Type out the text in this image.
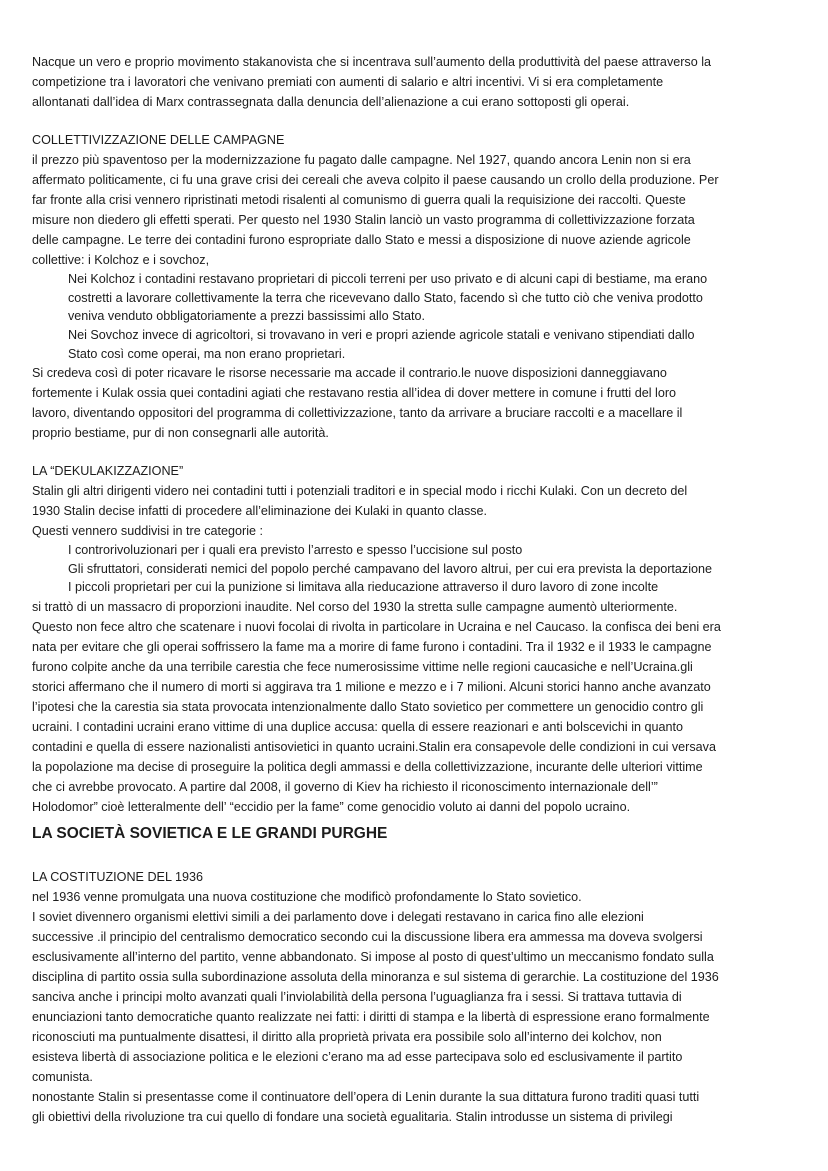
Nacque un vero e proprio movimento stakanovista che si incentrava sull’aumento della produttività del paese attraverso la
competizione tra i lavoratori che venivano premiati con aumenti di salario e altri incentivi. Vi si era completamente
allontanati dall’idea di Marx contrassegnata dalla denuncia dell’alienazione a cui erano sottoposti gli operai.
COLLETTIVIZZAZIONE DELLE CAMPAGNE
il prezzo più spaventoso per la modernizzazione fu pagato dalle campagne. Nel 1927, quando ancora Lenin non si era
affermato politicamente, ci fu una grave crisi dei cereali che aveva colpito il paese causando un crollo della produzione. Per
far fronte alla crisi vennero ripristinati metodi risalenti al comunismo di guerra quali la requisizione dei raccolti. Queste
misure non diedero gli effetti sperati. Per questo nel 1930 Stalin lanciò un vasto programma di collettivizzazione forzata
delle campagne. Le terre dei contadini furono espropriate dallo Stato e messi a disposizione di nuove aziende agricole
collettive: i Kolchoz e i sovchoz,
Nei Kolchoz i contadini restavano proprietari di piccoli terreni per uso privato e di alcuni capi di bestiame, ma erano
costretti a lavorare collettivamente la terra che ricevevano dallo Stato, facendo sì che tutto ciò che veniva prodotto
veniva venduto obbligatoriamente a prezzi bassissimi allo Stato.
Nei Sovchoz invece di agricoltori, si trovavano in veri e propri aziende agricole statali e venivano stipendiati dallo
Stato così come operai, ma non erano proprietari.
Si credeva così di poter ricavare le risorse necessarie ma accade il contrario.le nuove disposizioni danneggiavano
fortemente i Kulak ossia quei contadini agiati che restavano restia all’idea di dover mettere in comune i frutti del loro
lavoro, diventando oppositori del programma di collettivizzazione, tanto da arrivare a bruciare raccolti e a macellare il
proprio bestiame, pur di non consegnarli alle autorità.
LA “DEKULAKIZZAZIONE”
Stalin gli altri dirigenti videro nei contadini tutti i potenziali traditori e in special modo i ricchi Kulaki. Con un decreto del
1930 Stalin decise infatti di procedere all’eliminazione dei Kulaki in quanto classe.
Questi vennero suddivisi in tre categorie :
I controrivoluzionari per i quali era previsto l’arresto e spesso l’uccisione sul posto
Gli sfruttatori, considerati nemici del popolo perché campavano del lavoro altrui, per cui era prevista la deportazione
I piccoli proprietari per cui la punizione si limitava alla rieducazione attraverso il duro lavoro di zone incolte
si trattò di un massacro di proporzioni inaudite. Nel corso del 1930 la stretta sulle campagne aumentò ulteriormente.
Questo non fece altro che scatenare i nuovi focolai di rivolta in particolare in Ucraina e nel Caucaso. la confisca dei beni era
nata per evitare che gli operai soffrissero la fame ma a morire di fame furono i contadini. Tra il 1932 e il 1933 le campagne
furono colpite anche da una terribile carestia che fece numerosissime vittime nelle regioni caucasiche e nell’Ucraina.gli
storici affermano che il numero di morti si aggirava tra 1 milione e mezzo e i 7 milioni. Alcuni storici hanno anche avanzato
l’ipotesi che la carestia sia stata provocata intenzionalmente dallo Stato sovietico per commettere un genocidio contro gli
ucraini. I contadini ucraini erano vittime di una duplice accusa: quella di essere reazionari e anti bolscevichi in quanto
contadini e quella di essere nazionalisti antisovietici in quanto ucraini.Stalin era consapevole delle condizioni in cui versava
la popolazione ma decise di proseguire la politica degli ammassi e della collettivizzazione, incurante delle ulteriori vittime
che ci avrebbe provocato. A partire dal 2008, il governo di Kiev ha richiesto il riconoscimento internazionale dell’”
Holodomor” cioè letteralmente dell’ “eccidio per la fame” come genocidio voluto ai danni del popolo ucraino.
LA SOCIETÀ SOVIETICA E LE GRANDI PURGHE
LA COSTITUZIONE DEL 1936
nel 1936 venne promulgata una nuova costituzione che modificò profondamente lo Stato sovietico.
I soviet divennero organismi elettivi simili a dei parlamento dove i delegati restavano in carica fino alle elezioni
successive .il principio del centralismo democratico secondo cui la discussione libera era ammessa ma doveva svolgersi
esclusivamente all’interno del partito, venne abbandonato. Si impose al posto di quest’ultimo un meccanismo fondato sulla
disciplina di partito ossia sulla subordinazione assoluta della minoranza e sul sistema di gerarchie. La costituzione del 1936
sanciva anche i principi molto avanzati quali l’inviolabilità della persona l’uguaglianza fra i sessi. Si trattava tuttavia di
enunciazioni tanto democratiche quanto realizzate nei fatti: i diritti di stampa e la libertà di espressione erano formalmente
riconosciuti ma puntualmente disattesi, il diritto alla proprietà privata era possibile solo all’interno dei kolchov, non
esisteva libertà di associazione politica e le elezioni c’erano ma ad esse partecipava solo ed esclusivamente il partito
comunista.
nonostante Stalin si presentasse come il continuatore dell’opera di Lenin durante la sua dittatura furono traditi quasi tutti
gli obiettivi della rivoluzione tra cui quello di fondare una società egualitaria. Stalin introdusse un sistema di privilegi
